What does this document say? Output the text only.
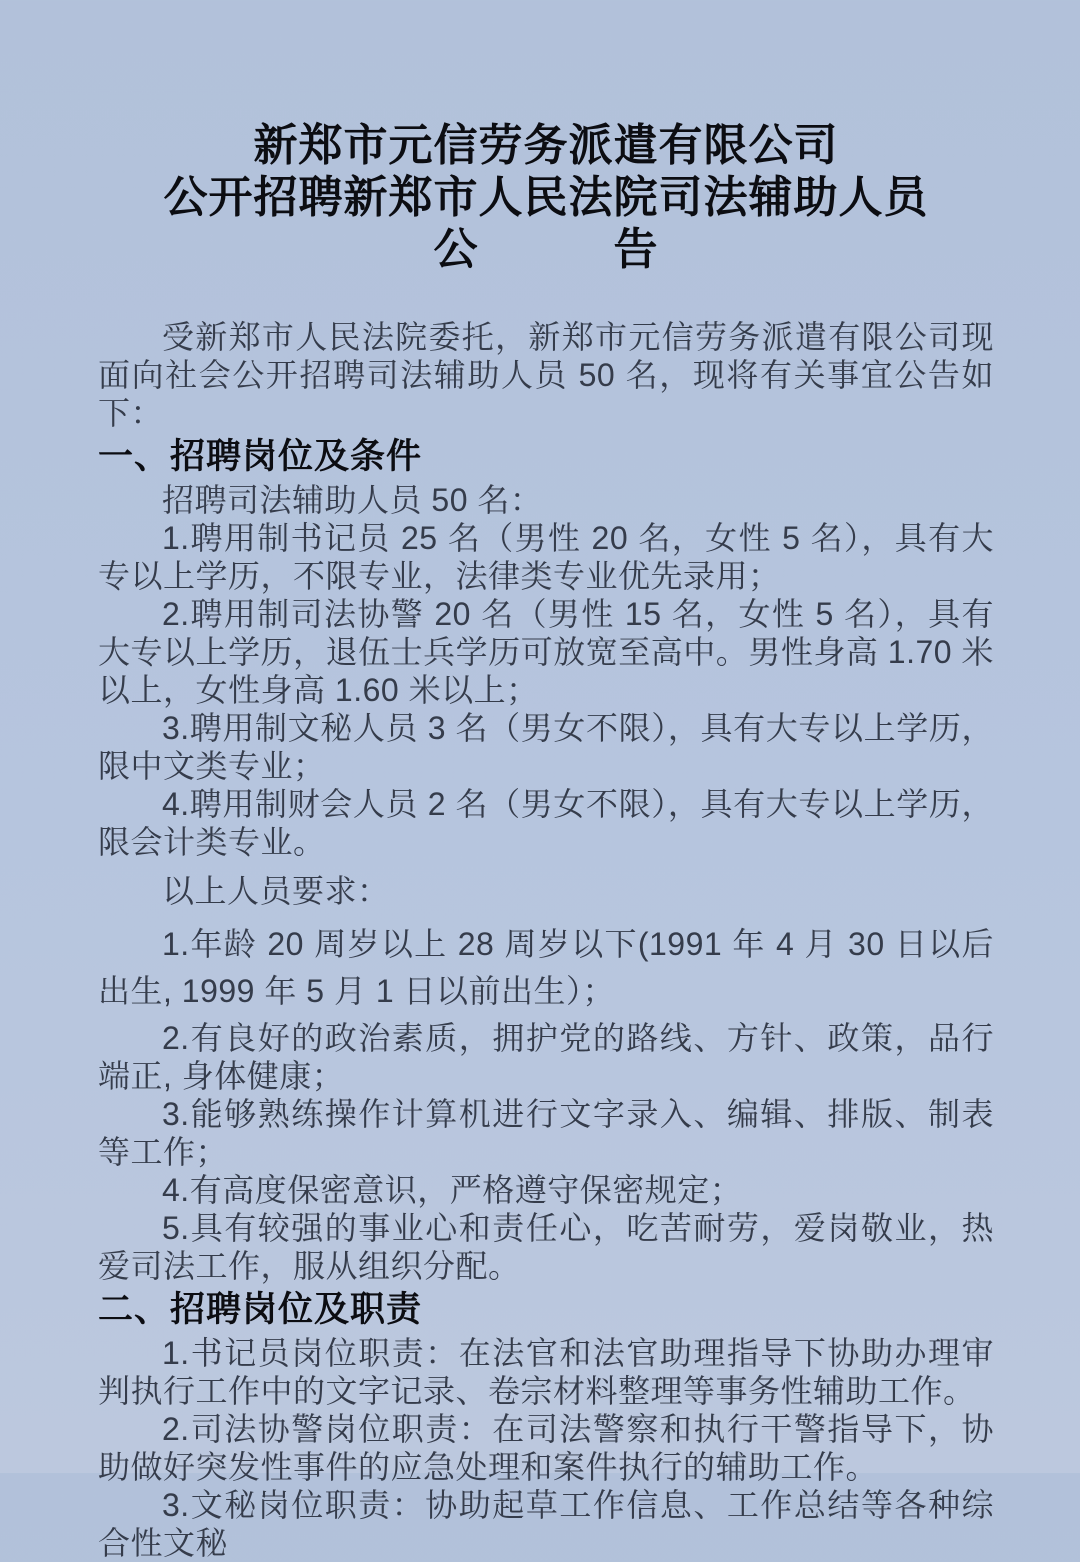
新郑市元信劳务派遣有限公司
公开招聘新郑市人民法院司法辅助人员
公　　　告

受新郑市人民法院委托，新郑市元信劳务派遣有限公司现面向社会公开招聘司法辅助人员 50 名，现将有关事宜公告如下：

一、招聘岗位及条件

招聘司法辅助人员 50 名：

1.聘用制书记员 25 名（男性 20 名，女性 5 名），具有大专以上学历，不限专业，法律类专业优先录用；

2.聘用制司法协警 20 名（男性 15 名，女性 5 名），具有大专以上学历，退伍士兵学历可放宽至高中。男性身高 1.70 米以上，女性身高 1.60 米以上；

3.聘用制文秘人员 3 名（男女不限），具有大专以上学历，限中文类专业；

4.聘用制财会人员 2 名（男女不限），具有大专以上学历，限会计类专业。

以上人员要求：

1.年龄 20 周岁以上 28 周岁以下(1991 年 4 月 30 日以后出生, 1999 年 5 月 1 日以前出生）；

2.有良好的政治素质，拥护党的路线、方针、政策，品行端正, 身体健康；

3.能够熟练操作计算机进行文字录入、编辑、排版、制表等工作；

4.有高度保密意识，严格遵守保密规定；

5.具有较强的事业心和责任心，吃苦耐劳，爱岗敬业，热爱司法工作，服从组织分配。

二、招聘岗位及职责

1.书记员岗位职责：在法官和法官助理指导下协助办理审判执行工作中的文字记录、卷宗材料整理等事务性辅助工作。

2.司法协警岗位职责：在司法警察和执行干警指导下，协助做好突发性事件的应急处理和案件执行的辅助工作。

3.文秘岗位职责：协助起草工作信息、工作总结等各种综合性文秘
